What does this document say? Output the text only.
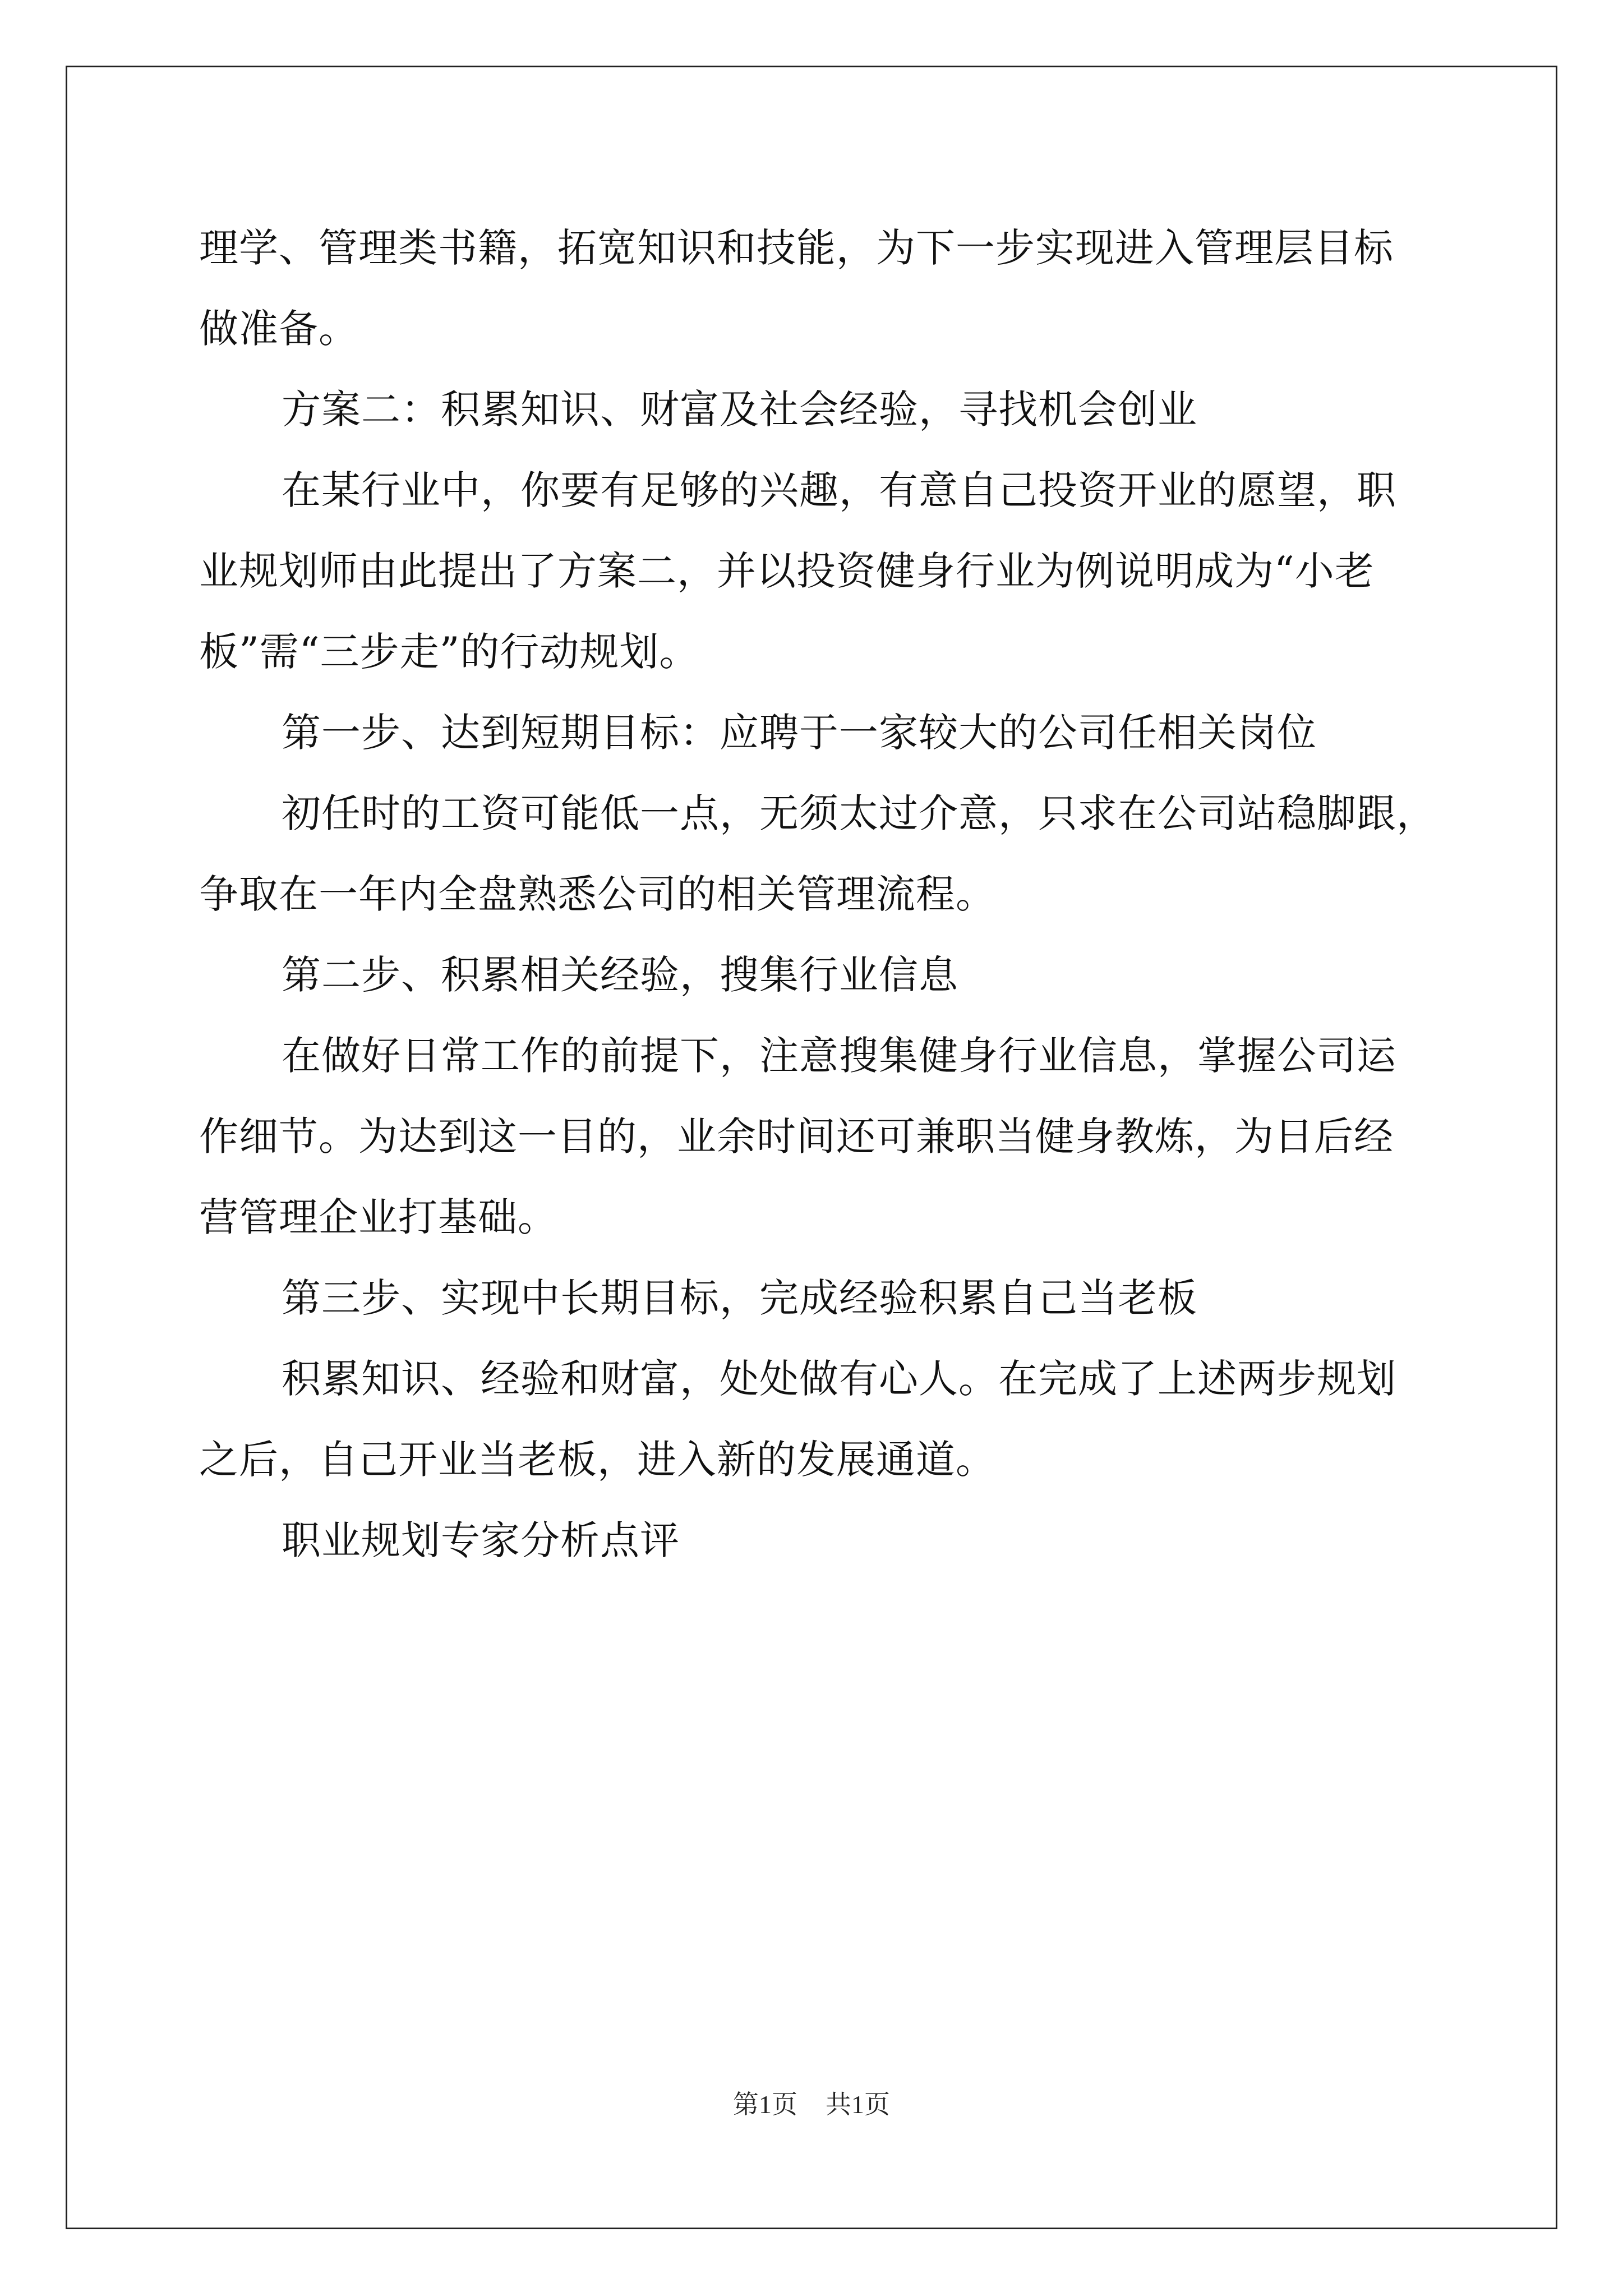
理学、管理类书籍，拓宽知识和技能，为下一步实现进入管理层目标
做准备。
方案二：积累知识、财富及社会经验，寻找机会创业
在某行业中，你要有足够的兴趣，有意自己投资开业的愿望，职
业规划师由此提出了方案二，并以投资健身行业为例说明成为“小老
板”需“三步走”的行动规划。
第一步、达到短期目标：应聘于一家较大的公司任相关岗位
初任时的工资可能低一点，无须太过介意，只求在公司站稳脚跟，
争取在一年内全盘熟悉公司的相关管理流程。
第二步、积累相关经验，搜集行业信息
在做好日常工作的前提下，注意搜集健身行业信息，掌握公司运
作细节。为达到这一目的，业余时间还可兼职当健身教炼，为日后经
营管理企业打基础。
第三步、实现中长期目标，完成经验积累自己当老板
积累知识、经验和财富，处处做有心人。在完成了上述两步规划
之后，自己开业当老板，进入新的发展通道。
职业规划专家分析点评

第1页 共1页
